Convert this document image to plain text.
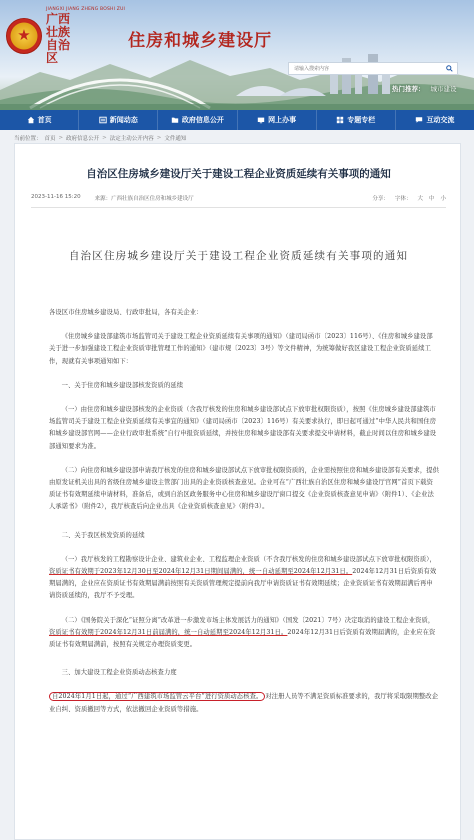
★
JIANGXI JIANG ZHENG BOSHI ZUI
广西壮族自治区
住房和城乡建设厅
请输入搜索内容
热门推荐： 城市建设
首页	新闻动态	政府信息公开	网上办事	专题专栏	互动交流
当前位置： 首页 > 政府信息公开 > 法定主动公开内容 > 文件通知
自治区住房城乡建设厅关于建设工程企业资质延续有关事项的通知
2023-11-16 15:20	来源：广西壮族自治区住房和城乡建设厅	分享： 字体： 大 中 小
自治区住房城乡建设厅关于建设工程企业资质延续有关事项的通知

各设区市住房城乡建设局、行政审批局，各有关企业：

《住房城乡建设部建筑市场监管司关于建设工程企业资质延续有关事项的通知》（建司局函市〔2023〕116号）、《住房和城乡建设部关于进一步加强建设工程企业资质审批管理工作的通知》（建市规〔2023〕3号）等文件精神，为统筹做好我区建设工程企业资质延续工作，现就有关事项通知如下：

一、关于住房和城乡建设部核发资质的延续

（一）由住房和城乡建设部核发的企业资质（含我厅核发的住房和城乡建设部试点下放审批权限资质），按照《住房城乡建设部建筑市场监管司关于建设工程企业资质延续有关事宜的通知》（建司局函市〔2023〕116号）有关要求执行，即日起可通过“中华人民共和国住房和城乡建设部官网——企业行政审批系统”自行申报资质延续，并按住房和城乡建设部有关要求提交申请材料，截止时间以住房和城乡建设部通知要求为准。

（二）向住房和城乡建设部申请我厅核发的住房和城乡建设部试点下放审批权限资质的，企业需按照住房和城乡建设部有关要求，提供由原发证机关出具的省级住房城乡建设主管部门出具的企业资质核查意见。企业可在“广西壮族自治区住房和城乡建设厅官网”首页下载资质证书有效期延续申请材料，准备后，或到自治区政务服务中心住房和城乡建设厅窗口提交《企业资质核查意见申请》（附件1）、《企业法人承诺书》（附件2），我厅核查后向企业出具《企业资质核查意见》（附件3）。

二、关于我区核发资质的延续

（一）我厅核发的工程勘察设计企业、建筑业企业、工程监理企业资质（不含我厅核发的住房和城乡建设部试点下放审批权限资质），资质证书有效期于2023年12月30日至2024年12月31日期间届满的，统一自动延期至2024年12月31日。2024年12月31日后资质有效期届满的，企业应在资质证书有效期届满前按照有关资质管理规定提前向我厅申请资质证书有效期延续；企业资质证书有效期届满后再申请资质延续的，我厅不予受理。

（二）《国务院关于深化“证照分离”改革进一步激发市场主体发展活力的通知》（国发〔2021〕7号）决定取消的建设工程企业资质，资质证书有效期于2024年12月31日前届满的，统一自动延期至2024年12月31日。2024年12月31日后资质有效期届满的，企业应在资质证书有效期届满前，按照有关规定办理资质变更。

三、加大建设工程企业资质动态核查力度

自2024年1月1日起，通过“广西建筑市场监管云平台”进行资质动态核查。 对注册人员等不满足资质标准要求的，我厅将采取限期整改企业自纠、资质撤回等方式，依法撤回企业资质等措施。
